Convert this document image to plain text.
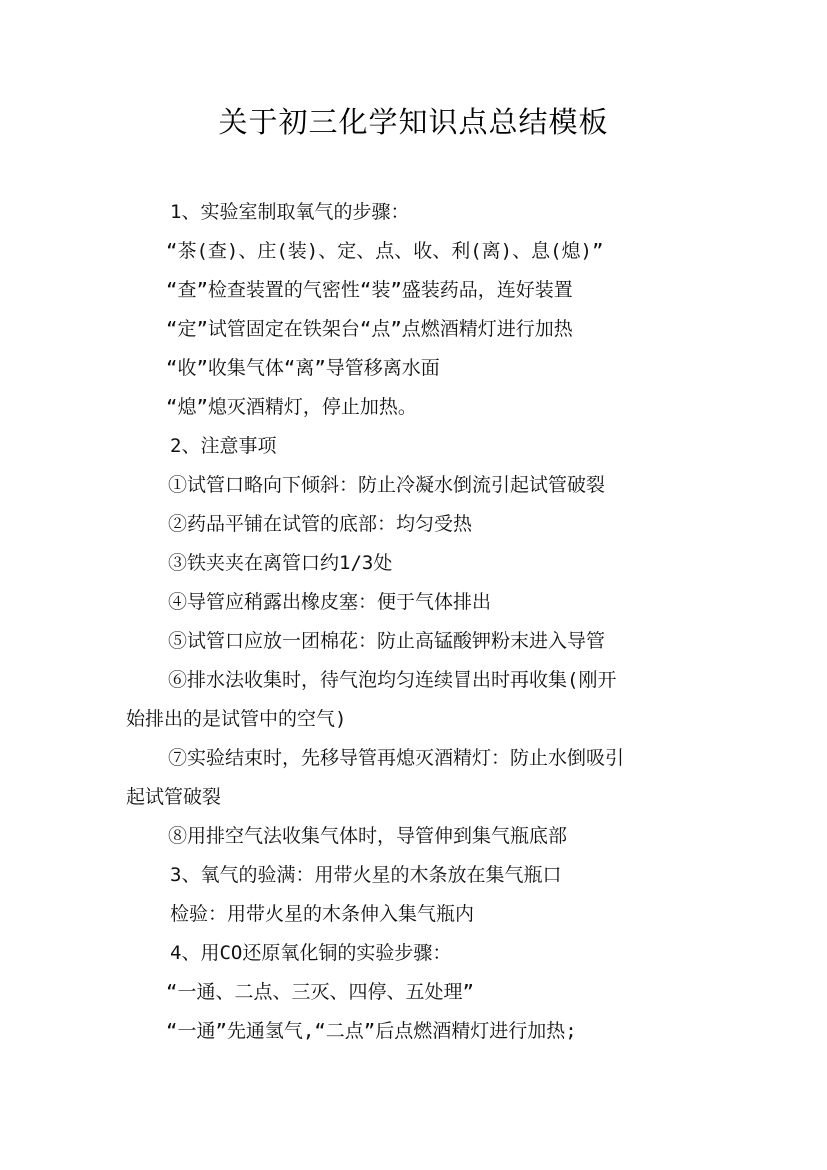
关于初三化学知识点总结模板

1、实验室制取氧气的步骤：

“茶(查)、庄(装)、定、点、收、利(离)、息(熄)”

“查”检查装置的气密性“装”盛装药品，连好装置

“定”试管固定在铁架台“点”点燃酒精灯进行加热

“收”收集气体“离”导管移离水面

“熄”熄灭酒精灯，停止加热。

2、注意事项

①试管口略向下倾斜：防止冷凝水倒流引起试管破裂

②药品平铺在试管的底部：均匀受热

③铁夹夹在离管口约1/3处

④导管应稍露出橡皮塞：便于气体排出

⑤试管口应放一团棉花：防止高锰酸钾粉末进入导管

⑥排水法收集时，待气泡均匀连续冒出时再收集(刚开

始排出的是试管中的空气)

⑦实验结束时，先移导管再熄灭酒精灯：防止水倒吸引

起试管破裂

⑧用排空气法收集气体时，导管伸到集气瓶底部

3、氧气的验满：用带火星的木条放在集气瓶口

检验：用带火星的木条伸入集气瓶内

4、用CO还原氧化铜的实验步骤：

“一通、二点、三灭、四停、五处理”

“一通”先通氢气,“二点”后点燃酒精灯进行加热;
